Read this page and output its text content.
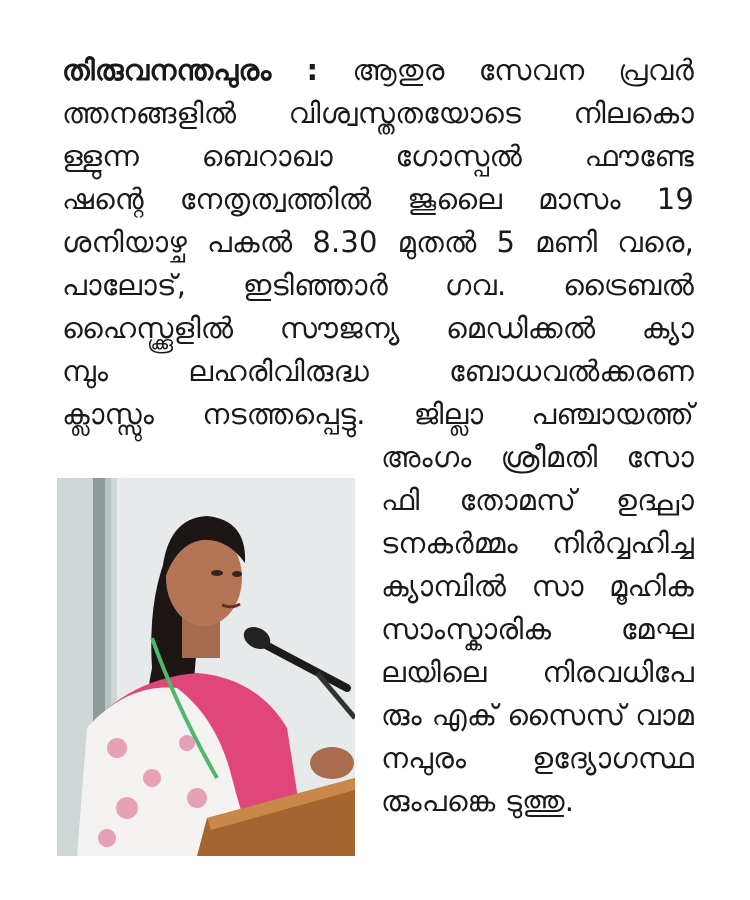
തിരുവനന്തപുരം : ആതുര സേവന പ്രവർ
ത്തനങ്ങളിൽ വിശ്വസ്തതയോടെ നിലകൊ
ള്ളുന്ന ബെറാഖാ ഗോസ്പൽ ഫൗണ്ടേ
ഷന്റെ നേതൃത്വത്തിൽ ജൂലൈ മാസം 19
ശനിയാഴ്ച പകൽ 8.30 മുതൽ 5 മണി വരെ,
പാലോട്, ഇടിഞ്ഞാർ ഗവ. ട്രൈബൽ
ഹൈസ്ക്കൂളിൽ സൗജന്യ മെഡിക്കൽ ക്യാ
മ്പും ലഹരിവിരുദ്ധ ബോധവൽക്കരണ
ക്ലാസ്സും നടത്തപ്പെട്ടു. ജില്ലാ പഞ്ചായത്ത്
അംഗം ശ്രീമതി സോ
ഫി തോമസ് ഉദ്ഘാ
ടനകർമ്മം നിർവ്വഹിച്ച
ക്യാമ്പിൽ സാ മൂഹിക
സാംസ്കാരിക മേഘ
ലയിലെ നിരവധിപേ
രും എക് സൈസ് വാമ
നപുരം ഉദ്യോഗസ്ഥ
രുംപങ്കെ ടുത്തു.
